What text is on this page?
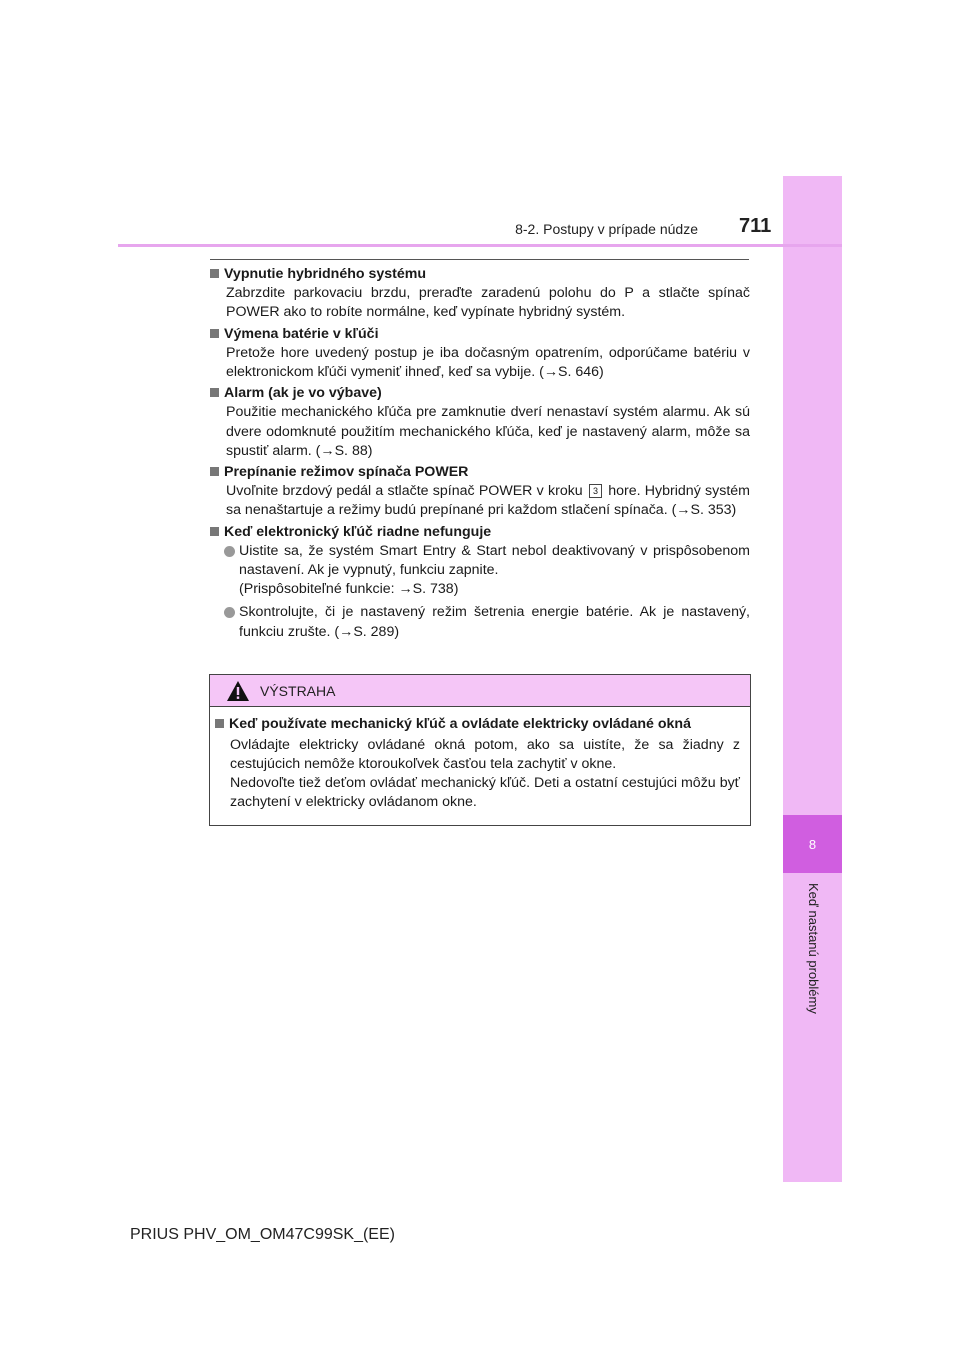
8
Keď nastanú problémy
8-2. Postupy v prípade núdze 711
Vypnutie hybridného systému
Zabrzdite parkovaciu brzdu, preraďte zaradenú polohu do P a stlačte spínač POWER ako to robíte normálne, keď vypínate hybridný systém.
Výmena batérie v kľúči
Pretože hore uvedený postup je iba dočasným opatrením, odporúčame batériu v elektronickom kľúči vymeniť ihneď, keď sa vybije. (→S. 646)
Alarm (ak je vo výbave)
Použitie mechanického kľúča pre zamknutie dverí nenastaví systém alarmu. Ak sú dvere odomknuté použitím mechanického kľúča, keď je nastavený alarm, môže sa spustiť alarm. (→S. 88)
Prepínanie režimov spínača POWER
Uvoľnite brzdový pedál a stlačte spínač POWER v kroku 3 hore. Hybridný systém sa nenaštartuje a režimy budú prepínané pri každom stlačení spínača. (→S. 353)
Keď elektronický kľúč riadne nefunguje
Uistite sa, že systém Smart Entry & Start nebol deaktivovaný v prispôsobenom nastavení. Ak je vypnutý, funkciu zapnite.
(Prispôsobiteľné funkcie: →S. 738)
Skontrolujte, či je nastavený režim šetrenia energie batérie. Ak je nastavený, funkciu zrušte. (→S. 289)
VÝSTRAHA
Keď používate mechanický kľúč a ovládate elektricky ovládané okná
Ovládajte elektricky ovládané okná potom, ako sa uistíte, že sa žiadny z cestujúcich nemôže ktoroukoľvek časťou tela zachytiť v okne.
Nedovoľte tiež deťom ovládať mechanický kľúč. Deti a ostatní cestujúci môžu byť zachytení v elektricky ovládanom okne.
PRIUS PHV_OM_OM47C99SK_(EE)
